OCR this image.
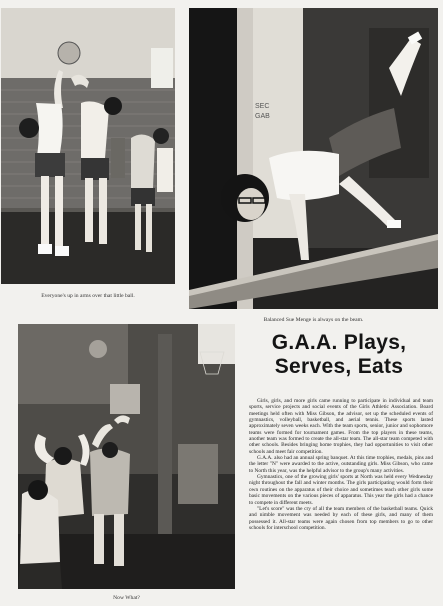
Everyone's up in arms over that little ball.
SEC
GAB
Balanced Sue Menge is always on the beam.
Now What?
G.A.A. Plays,
Serves, Eats

Girls, girls, and more girls came running to participate in individual and team sports, service projects and social events of the Girls Athletic Association. Board meetings held often with Miss Gibson, the advisor, set up the scheduled events of gymnastics, volleyball, basketball, and aerial tennis. These sports lasted approximately seven weeks each. With the team sports, senior, junior and sophomore teams were formed for tournament games. From the top players in these teams, another team was formed to create the all-star team. The all-star team competed with other schools. Besides bringing home trophies, they had opportunities to visit other schools and meet fair competition.

G.A.A. also had an annual spring banquet. At this time trophies, medals, pins and the letter "N" were awarded to the active, outstanding girls. Miss Gibson, who came to North this year, was the helpful advisor to the group's many activities.

Gymnastics, one of the growing girls' sports at North was held every Wednesday night throughout the fall and winter months. The girls participating would form their own routines on the apparatus of their choice and sometimes teach other girls some basic movements on the various pieces of apparatus. This year the girls had a chance to compete in different meets.

"Let's score" was the cry of all the team members of the basketball teams. Quick and nimble movement was needed by each of these girls, and many of them possessed it. All-star teams were again chosen from top members to go to other schools for interschool competition.
